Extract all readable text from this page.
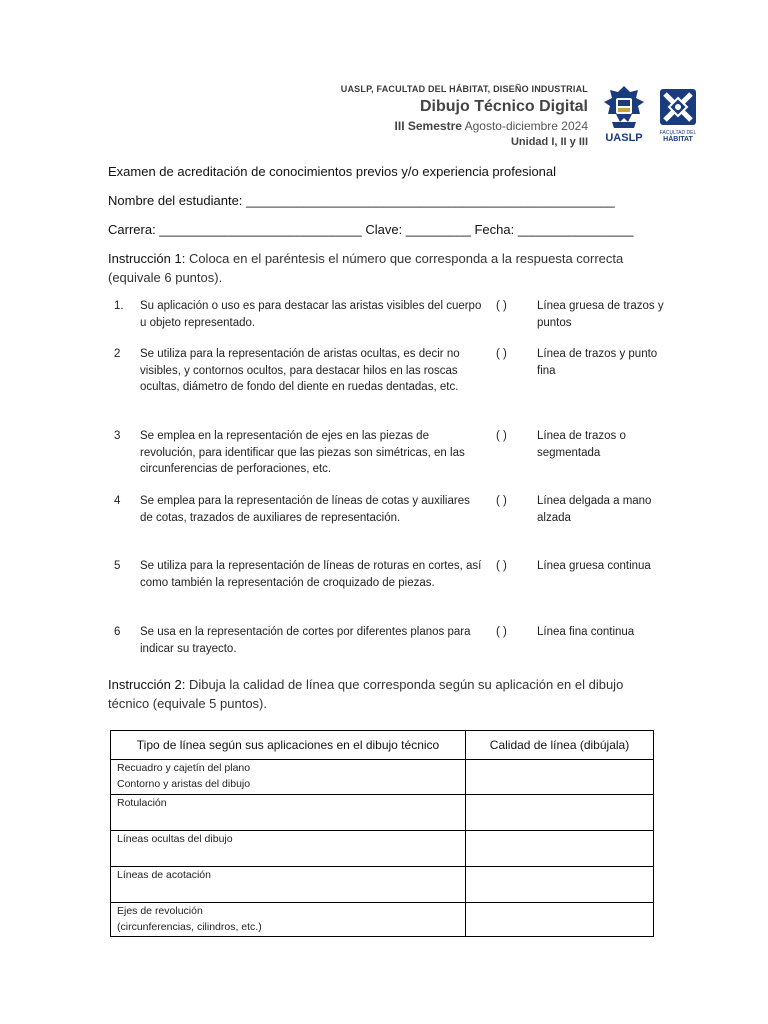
UASLP, FACULTAD DEL HÁBITAT, DISEÑO INDUSTRIAL
Dibujo Técnico Digital
III Semestre Agosto-diciembre 2024
Unidad I, II y III	UASLP	FACULTAD DEL
HÁBITAT
Examen de acreditación de conocimientos previos y/o experiencia profesional
Nombre del estudiante: ___________________________________________________
Carrera: ____________________________ Clave: _________ Fecha: ________________
Instrucción 1: Coloca en el paréntesis el número que corresponda a la respuesta correcta (equivale 6 puntos).
1. Su aplicación o uso es para destacar las aristas visibles del cuerpo u objeto representado.
( )	Línea gruesa de trazos y puntos
2 Se utiliza para la representación de aristas ocultas, es decir no visibles, y contornos ocultos, para destacar hilos en las roscas ocultas, diámetro de fondo del diente en ruedas dentadas, etc.
( )	Línea de trazos y punto fina
3 Se emplea en la representación de ejes en las piezas de revolución, para identificar que las piezas son simétricas, en las circunferencias de perforaciones, etc.
( )	Línea de trazos o segmentada
4 Se emplea para la representación de líneas de cotas y auxiliares de cotas, trazados de auxiliares de representación.
( )	Línea delgada a mano alzada
5 Se utiliza para la representación de líneas de roturas en cortes, así como también la representación de croquizado de piezas.
( )	Línea gruesa continua
6 Se usa en la representación de cortes por diferentes planos para indicar su trayecto.
( )	Línea fina continua
Instrucción 2: Dibuja la calidad de línea que corresponda según su aplicación en el dibujo técnico (equivale 5 puntos).
Tipo de línea según sus aplicaciones en el dibujo técnico	Calidad de línea (dibújala)

Recuadro y cajetín del plano
Contorno y aristas del dibujo	

Rotulación	

Líneas ocultas del dibujo	

Líneas de acotación	

Ejes de revolución
(circunferencias, cilindros, etc.)	
